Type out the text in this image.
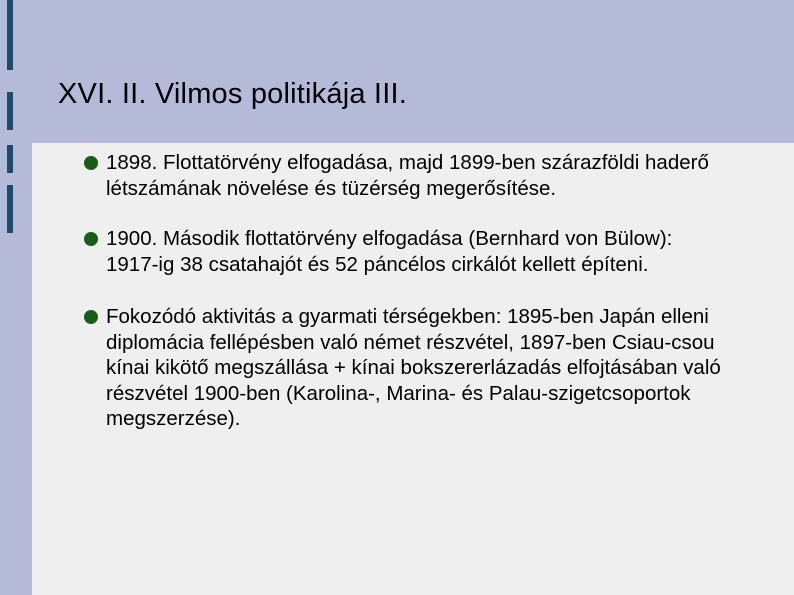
XVI. II. Vilmos politikája III.
1898. Flottatörvény elfogadása, majd 1899-ben szárazföldi haderő létszámának növelése és tüzérség megerősítése.
1900. Második flottatörvény elfogadása (Bernhard von Bülow): 1917-ig 38 csatahajót és 52 páncélos cirkálót kellett építeni.
Fokozódó aktivitás a gyarmati térségekben: 1895-ben Japán elleni diplomácia fellépésben való német részvétel, 1897-ben Csiau-csou kínai kikötő megszállása + kínai bokszererlázadás elfojtásában való részvétel 1900-ben (Karolina-, Marina- és Palau-szigetcsoportok megszerzése).
